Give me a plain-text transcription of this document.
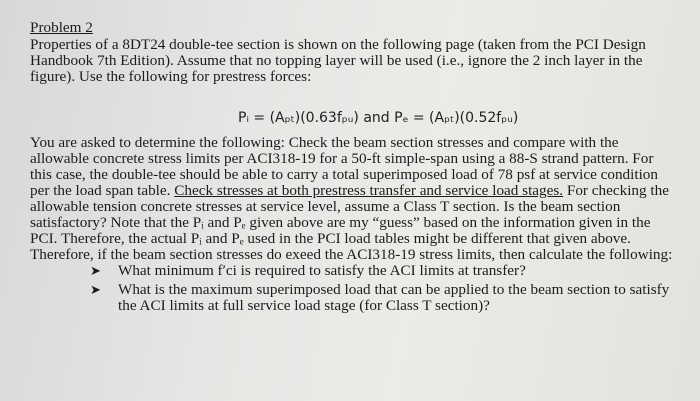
Problem 2
Properties of a 8DT24 double-tee section is shown on the following page (taken from the PCI Design
Handbook 7th Edition). Assume that no topping layer will be used (i.e., ignore the 2 inch layer in the
figure). Use the following for prestress forces:
Pᵢ = (Aₚₜ)(0.63fₚᵤ) and Pₑ = (Aₚₜ)(0.52fₚᵤ)
You are asked to determine the following: Check the beam section stresses and compare with the
allowable concrete stress limits per ACI318-19 for a 50-ft simple-span using a 88-S strand pattern. For
this case, the double-tee should be able to carry a total superimposed load of 78 psf at service condition
per the load span table. Check stresses at both prestress transfer and service load stages. For checking the
allowable tension concrete stresses at service level, assume a Class T section. Is the beam section
satisfactory? Note that the Pᵢ and Pₑ given above are my “guess” based on the information given in the
PCI. Therefore, the actual Pᵢ and Pₑ used in the PCI load tables might be different that given above.
Therefore, if the beam section stresses do exeed the ACI318-19 stress limits, then calculate the following:
➤ What minimum f′ci is required to satisfy the ACI limits at transfer?
➤ What is the maximum superimposed load that can be applied to the beam section to satisfy
the ACI limits at full service load stage (for Class T section)?
